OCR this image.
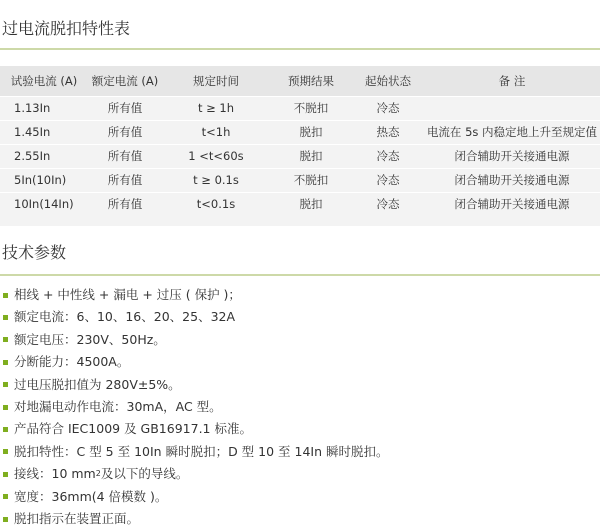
过电流脱扣特性表
试验电流 (A)	额定电流 (A)	规定时间	预期结果	起始状态	备 注
1.13In	所有值	t ≥ 1h	不脱扣	冷态	
1.45In	所有值	t<1h	脱扣	热态	电流在 5s 内稳定地上升至规定值
2.55In	所有值	1 <t<60s	脱扣	冷态	闭合辅助开关接通电源
5In(10In)	所有值	t ≥ 0.1s	不脱扣	冷态	闭合辅助开关接通电源
10In(14In)	所有值	t<0.1s	脱扣	冷态	闭合辅助开关接通电源
技术参数
相线 + 中性线 + 漏电 + 过压 ( 保护 )；
额定电流：6、10、16、20、25、32A
额定电压：230V、50Hz。
分断能力：4500A。
过电压脱扣值为 280V±5%。
对地漏电动作电流：30mA，AC 型。
产品符合 IEC1009 及 GB16917.1 标准。
脱扣特性：C 型 5 至 10In 瞬时脱扣；D 型 10 至 14In 瞬时脱扣。
接线：10 mm 2 及以下的导线。
宽度：36mm(4 倍模数 )。
脱扣指示在装置正面。
